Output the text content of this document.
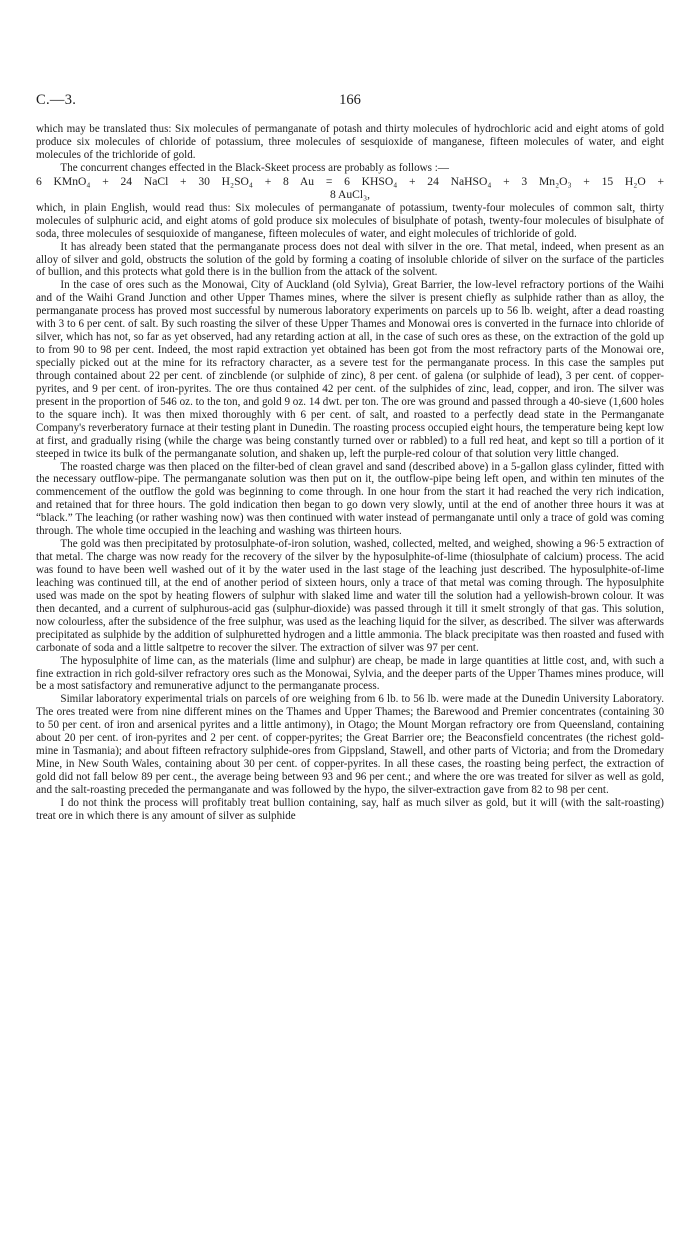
C.—3.	166

which may be translated thus: Six molecules of permanganate of potash and thirty molecules of hydrochloric acid and eight atoms of gold produce six molecules of chloride of potassium, three molecules of sesquioxide of manganese, fifteen molecules of water, and eight molecules of the trichloride of gold.

The concurrent changes effected in the Black-Skeet process are probably as follows :—

6 KMnO₄ + 24 NaCl + 30 H₂SO₄ + 8 Au = 6 KHSO₄ + 24 NaHSO₄ + 3 Mn₂O₃ + 15 H₂O +
8 AuCl₃,

which, in plain English, would read thus: Six molecules of permanganate of potassium, twenty-four molecules of common salt, thirty molecules of sulphuric acid, and eight atoms of gold produce six molecules of bisulphate of potash, twenty-four molecules of bisulphate of soda, three molecules of sesquioxide of manganese, fifteen molecules of water, and eight molecules of trichloride of gold.

It has already been stated that the permanganate process does not deal with silver in the ore. That metal, indeed, when present as an alloy of silver and gold, obstructs the solution of the gold by forming a coating of insoluble chloride of silver on the surface of the particles of bullion, and this protects what gold there is in the bullion from the attack of the solvent.

In the case of ores such as the Monowai, City of Auckland (old Sylvia), Great Barrier, the low-level refractory portions of the Waihi and of the Waihi Grand Junction and other Upper Thames mines, where the silver is present chiefly as sulphide rather than as alloy, the permanganate process has proved most successful by numerous laboratory experiments on parcels up to 56 lb. weight, after a dead roasting with 3 to 6 per cent. of salt. By such roasting the silver of these Upper Thames and Monowai ores is converted in the furnace into chloride of silver, which has not, so far as yet observed, had any retarding action at all, in the case of such ores as these, on the extraction of the gold up to from 90 to 98 per cent. Indeed, the most rapid extraction yet obtained has been got from the most refractory parts of the Monowai ore, specially picked out at the mine for its refractory character, as a severe test for the permanganate process. In this case the samples put through contained about 22 per cent. of zincblende (or sulphide of zinc), 8 per cent. of galena (or sulphide of lead), 3 per cent. of copper-pyrites, and 9 per cent. of iron-pyrites. The ore thus contained 42 per cent. of the sulphides of zinc, lead, copper, and iron. The silver was present in the proportion of 546 oz. to the ton, and gold 9 oz. 14 dwt. per ton. The ore was ground and passed through a 40-sieve (1,600 holes to the square inch). It was then mixed thoroughly with 6 per cent. of salt, and roasted to a perfectly dead state in the Permanganate Company's reverberatory furnace at their testing plant in Dunedin. The roasting process occupied eight hours, the temperature being kept low at first, and gradually rising (while the charge was being constantly turned over or rabbled) to a full red heat, and kept so till a portion of it steeped in twice its bulk of the permanganate solution, and shaken up, left the purple-red colour of that solution very little changed.

The roasted charge was then placed on the filter-bed of clean gravel and sand (described above) in a 5-gallon glass cylinder, fitted with the necessary outflow-pipe. The permanganate solution was then put on it, the outflow-pipe being left open, and within ten minutes of the commencement of the outflow the gold was beginning to come through. In one hour from the start it had reached the very rich indication, and retained that for three hours. The gold indication then began to go down very slowly, until at the end of another three hours it was at “black.” The leaching (or rather washing now) was then continued with water instead of permanganate until only a trace of gold was coming through. The whole time occupied in the leaching and washing was thirteen hours.

The gold was then precipitated by protosulphate-of-iron solution, washed, collected, melted, and weighed, showing a 96·5 extraction of that metal. The charge was now ready for the recovery of the silver by the hyposulphite-of-lime (thiosulphate of calcium) process. The acid was found to have been well washed out of it by the water used in the last stage of the leaching just described. The hyposulphite-of-lime leaching was continued till, at the end of another period of sixteen hours, only a trace of that metal was coming through. The hyposulphite used was made on the spot by heating flowers of sulphur with slaked lime and water till the solution had a yellowish-brown colour. It was then decanted, and a current of sulphurous-acid gas (sulphur-dioxide) was passed through it till it smelt strongly of that gas. This solution, now colourless, after the subsidence of the free sulphur, was used as the leaching liquid for the silver, as described. The silver was afterwards precipitated as sulphide by the addition of sulphuretted hydrogen and a little ammonia. The black precipitate was then roasted and fused with carbonate of soda and a little saltpetre to recover the silver. The extraction of silver was 97 per cent.

The hyposulphite of lime can, as the materials (lime and sulphur) are cheap, be made in large quantities at little cost, and, with such a fine extraction in rich gold-silver refractory ores such as the Monowai, Sylvia, and the deeper parts of the Upper Thames mines produce, will be a most satisfactory and remunerative adjunct to the permanganate process.

Similar laboratory experimental trials on parcels of ore weighing from 6 lb. to 56 lb. were made at the Dunedin University Laboratory. The ores treated were from nine different mines on the Thames and Upper Thames; the Barewood and Premier concentrates (containing 30 to 50 per cent. of iron and arsenical pyrites and a little antimony), in Otago; the Mount Morgan refractory ore from Queensland, containing about 20 per cent. of iron-pyrites and 2 per cent. of copper-pyrites; the Great Barrier ore; the Beaconsfield concentrates (the richest gold-mine in Tasmania); and about fifteen refractory sulphide-ores from Gippsland, Stawell, and other parts of Victoria; and from the Dromedary Mine, in New South Wales, containing about 30 per cent. of copper-pyrites. In all these cases, the roasting being perfect, the extraction of gold did not fall below 89 per cent., the average being between 93 and 96 per cent.; and where the ore was treated for silver as well as gold, and the salt-roasting preceded the permanganate and was followed by the hypo, the silver-extraction gave from 82 to 98 per cent.

I do not think the process will profitably treat bullion containing, say, half as much silver as gold, but it will (with the salt-roasting) treat ore in which there is any amount of silver as sulphide
